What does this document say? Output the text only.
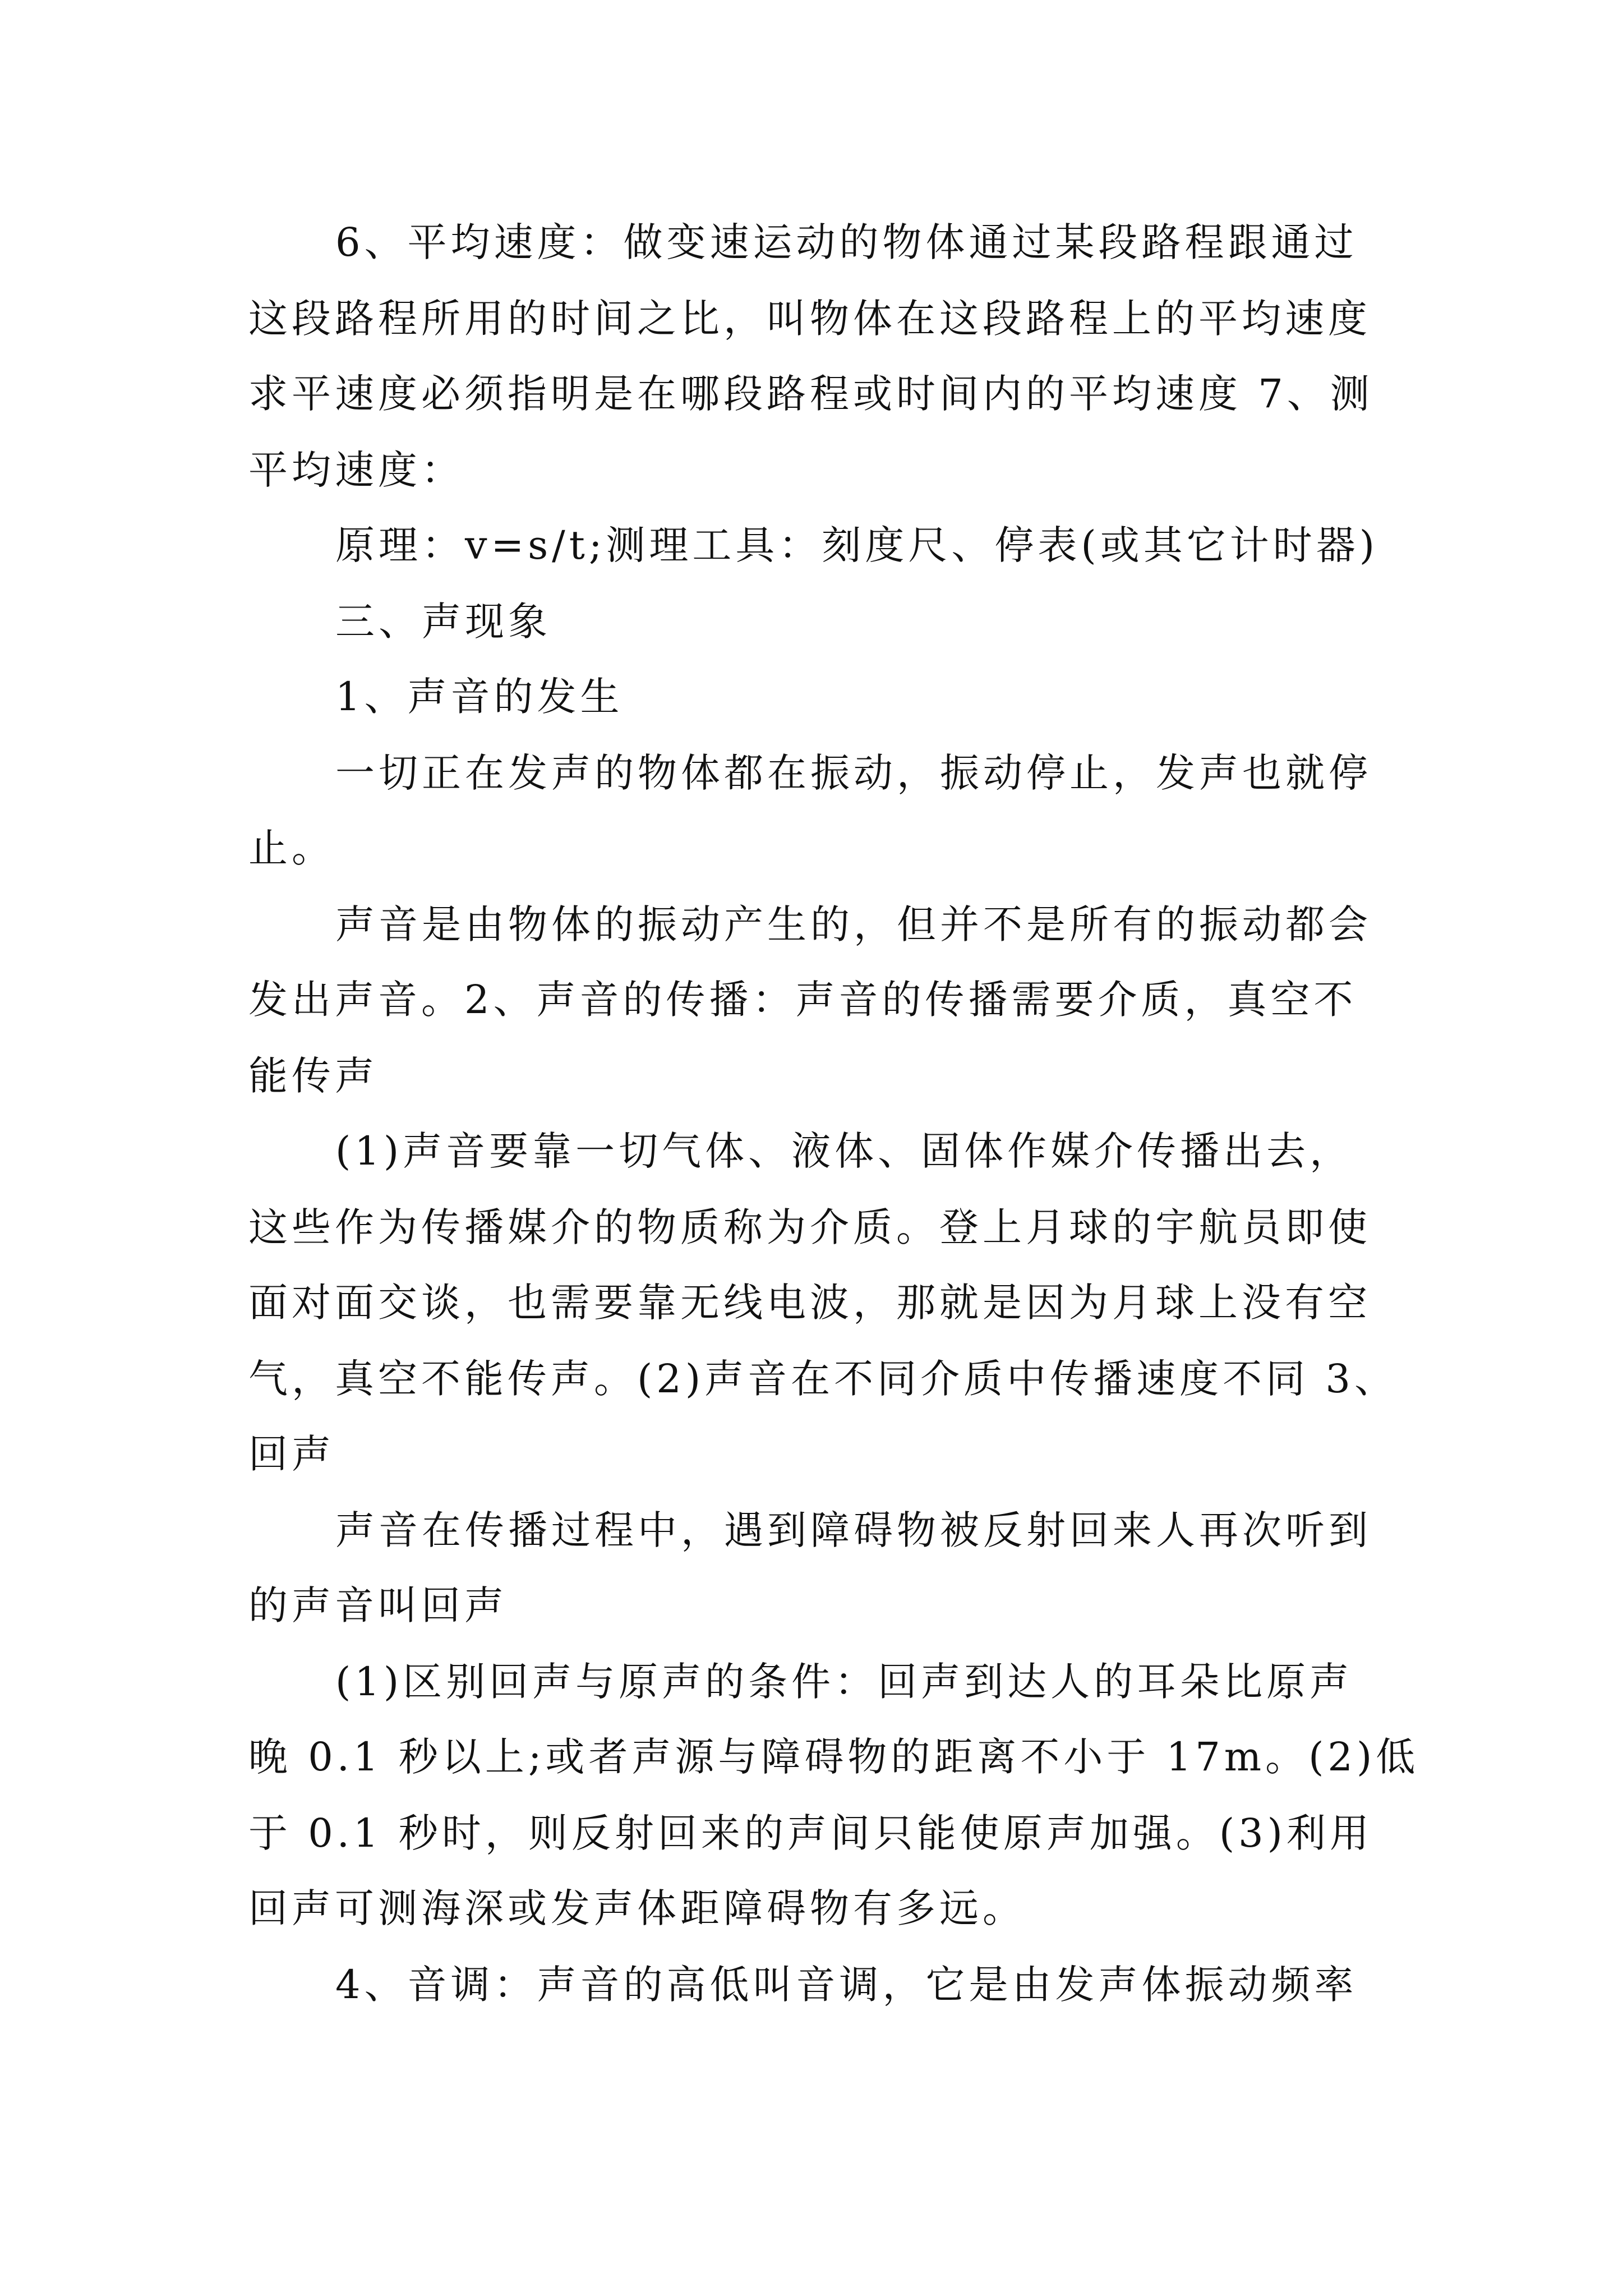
6、平均速度：做变速运动的物体通过某段路程跟通过
这段路程所用的时间之比，叫物体在这段路程上的平均速度
求平速度必须指明是在哪段路程或时间内的平均速度 7、测
平均速度：
原理：v=s/t;测理工具：刻度尺、停表(或其它计时器)
三、声现象
1、声音的发生
一切正在发声的物体都在振动，振动停止，发声也就停
止。
声音是由物体的振动产生的，但并不是所有的振动都会
发出声音。2、声音的传播：声音的传播需要介质，真空不
能传声
(1)声音要靠一切气体、液体、固体作媒介传播出去，
这些作为传播媒介的物质称为介质。登上月球的宇航员即使
面对面交谈，也需要靠无线电波，那就是因为月球上没有空
气，真空不能传声。(2)声音在不同介质中传播速度不同 3、
回声
声音在传播过程中，遇到障碍物被反射回来人再次听到
的声音叫回声
(1)区别回声与原声的条件：回声到达人的耳朵比原声
晚 0.1 秒以上;或者声源与障碍物的距离不小于 17m。(2)低
于 0.1 秒时，则反射回来的声间只能使原声加强。(3)利用
回声可测海深或发声体距障碍物有多远。
4、音调：声音的高低叫音调，它是由发声体振动频率
